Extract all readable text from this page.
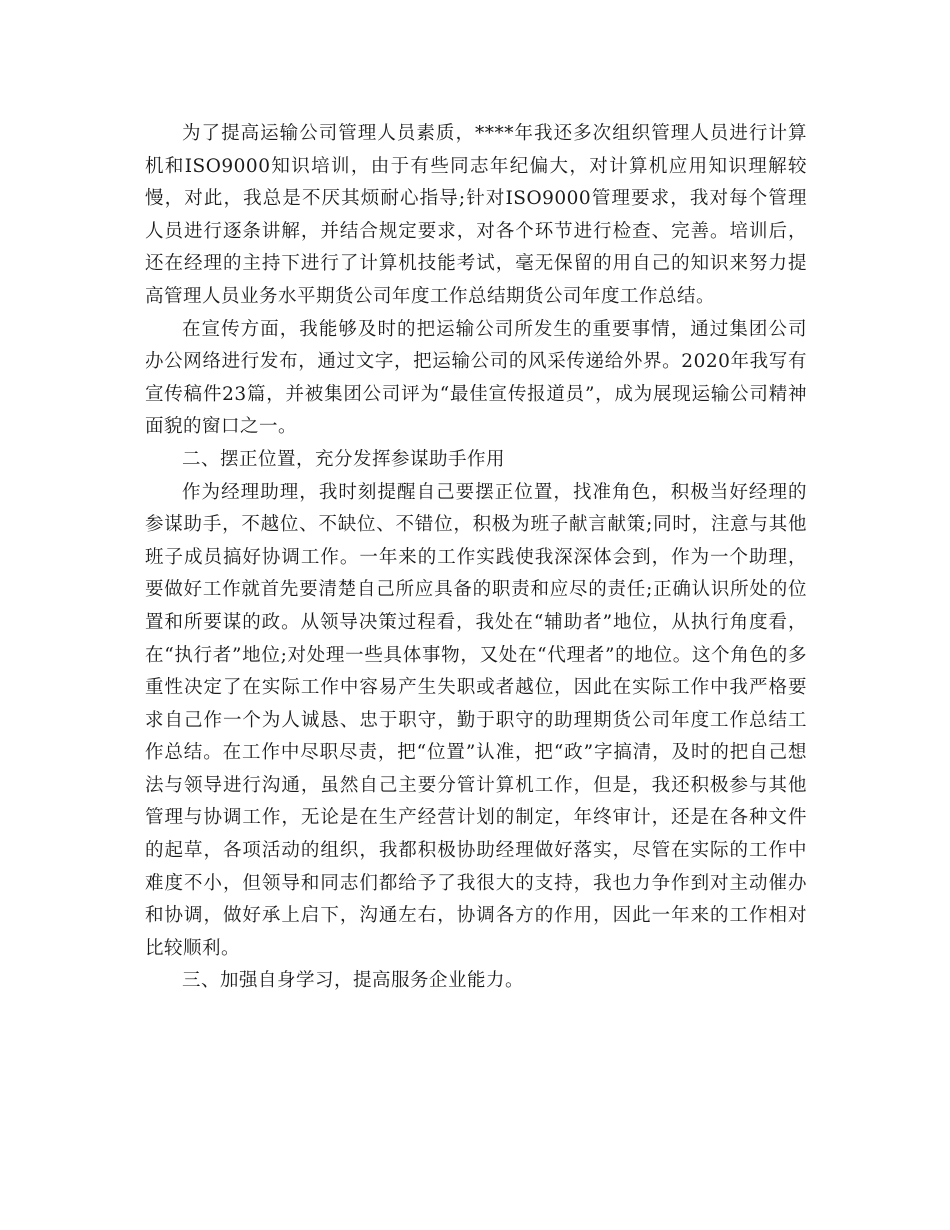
为了提高运输公司管理人员素质，****年我还多次组织管理人员进行计算机和ISO9000知识培训，由于有些同志年纪偏大，对计算机应用知识理解较慢，对此，我总是不厌其烦耐心指导;针对ISO9000管理要求，我对每个管理人员进行逐条讲解，并结合规定要求，对各个环节进行检查、完善。培训后，还在经理的主持下进行了计算机技能考试，毫无保留的用自己的知识来努力提高管理人员业务水平期货公司年度工作总结期货公司年度工作总结。

在宣传方面，我能够及时的把运输公司所发生的重要事情，通过集团公司办公网络进行发布，通过文字，把运输公司的风采传递给外界。2020年我写有宣传稿件23篇，并被集团公司评为“最佳宣传报道员”，成为展现运输公司精神面貌的窗口之一。

二、摆正位置，充分发挥参谋助手作用

作为经理助理，我时刻提醒自己要摆正位置，找准角色，积极当好经理的参谋助手，不越位、不缺位、不错位，积极为班子献言献策;同时，注意与其他班子成员搞好协调工作。一年来的工作实践使我深深体会到，作为一个助理，要做好工作就首先要清楚自己所应具备的职责和应尽的责任;正确认识所处的位置和所要谋的政。从领导决策过程看，我处在“辅助者”地位，从执行角度看，在“执行者”地位;对处理一些具体事物，又处在“代理者”的地位。这个角色的多重性决定了在实际工作中容易产生失职或者越位，因此在实际工作中我严格要求自己作一个为人诚恳、忠于职守，勤于职守的助理期货公司年度工作总结工作总结。在工作中尽职尽责，把“位置”认准，把“政”字搞清，及时的把自己想法与领导进行沟通，虽然自己主要分管计算机工作，但是，我还积极参与其他管理与协调工作，无论是在生产经营计划的制定，年终审计，还是在各种文件的起草，各项活动的组织，我都积极协助经理做好落实，尽管在实际的工作中难度不小，但领导和同志们都给予了我很大的支持，我也力争作到对主动催办和协调，做好承上启下，沟通左右，协调各方的作用，因此一年来的工作相对比较顺利。

三、加强自身学习，提高服务企业能力。
